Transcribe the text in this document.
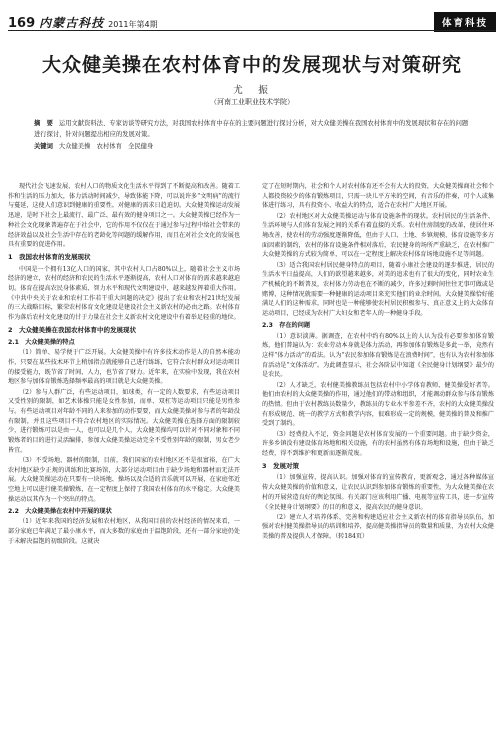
169 内蒙古科技 2011年第4期	体育科技
大众健美操在农村体育中的发展现状与对策研究
尤　振
（河南工业职业技术学院）
摘　要 运用文献资料法、专家访谈等研究方法，对我国农村体育中存在的主要问题进行探讨分析，对大众健美操在我国农村体育中的发展现状和存在的问题进行探讨，针对问题提出相应的发展对策。
关键词 大众健美操　农村体育　全民健身

现代社会飞速发展，农村人口的物质文化生活水平得到了不断提高和改善。随着工作和生活的压力加大，体力活动时间减少，导致体能下降，可以说许多“文明病”的流行与蔓延，这使人们意识到健康的重要性。对健康的需求日趋迫切。大众健美操运动发展迅速，是时下社会上最流行、最广泛、最有效的健身项目之一。大众健美操已经作为一种社会文化现象普遍存在于社会中，它的作用不仅仅在于通过参与过程中给社会带来的经济效益以及社会生活中存在的老龄化等问题的缓解作用，而且在对社会文化的发展也具有重要的促进作用。

1　我国农村体育的发展现状

中国是一个拥有13亿人口的国家，其中农村人口占80%以上，随着社会主义市场经济的建立，农村的经济和农民的生活水平逐渐提高，农村人口对体育的需求越来越迫切。体育在提高农民身体素质、智力水平和现代文明建设中，越来越发挥着重大作用。《中共中央关于农业和农村工作若干重大问题的决定》提出了农业和农村21世纪发展的三大战略目标，繁荣农村体育文化建设是建设社会主义新农村的必由之路。农村体育作为落后农村文化建设的甘于力量在社会主义新农村文化建设中有着举足轻重的地位。

2　大众健美操在我国农村体育中的发展现状
2.1　大众健美操的特点

（1）简单、易学便于广泛开展。大众健美操中有许多技术动作是人的自然本能动作，只要在某些技术环节上稍加指点就能够自己进行练练，它符合农村群众对运动项目的接受能力，既节省了时间、人力，也节省了财力。近年来，在实验中发现，我在农村地区参与加体育锻炼选择频率最高的项目就是大众健美操。

（2）参与人群广泛，有些运动项目，如球类，有一定的人数要求，有些运动项目又受性别的限制，如艺术体操只能是女性参加，而单、双杠等运动项目只能是男性参与。有些运动项目对年龄不同的人来参加的动作要要，而大众健美操对参与者的年龄没有限制，并且这些项目不符合农村地区的实际情况。大众健美操在选择方面的限制较少，进行锻炼可以是由一人，也可以是几个人，大众健美操均可以针对不同对象和不同锻炼者的目的进行灵活编排，参加大众健美操运动完全不受性别年龄的限制，男女老少皆宜。

（3）不受场地、器材的限制，目前，我们国家的农村地区还不是很富裕，在广大农村地区缺少正规的训练和比赛场馆，大部分运动项目由于缺少场地和器材而无法开展。大众健美操运动在只要有一块场地、操场以及合适的音乐就可以开展，在家庭邻近空地上可以进行健美操锻炼，在一定程度上保持了我国农村体育的水平稳定。大众健美操运动以其作为一个突出的特点。

2.2　大众健美操在农村中开展的现状

（1）近年来我国的经济发展和农村地区，从我国目前的农村经济的情况来看，一部分家庭已年满足了最小康水平，而大多数的家庭由于温饱阶段，还有一部分家庭仍处于未解决温饱的初级阶段。这就决

定了在短时期内，社会和个人对农村体育还不会有大大的投资，大众健美操商社会和个人都投资较少的体育锻炼项目，只需一块儿平方米的空间，有音乐的伴奏，可个人或集体进行练习，具有投资小、收益大的特点，适合在农村广大地区开展。

（2）农村地区对大众健美操运动与体育设施条件的现状。农村居民的生活条件、生活环境与人们体育发展之间的关系有着直接的关系。农村住房制度的改革，使居住环境改善，使农村的劳动强度逐渐降低，但由于人口、土地、乡镇规模、体育设施等多方面因素的制约，农村的体育设施条件相对落后，农民健身的场所严重缺乏，在农村推广大众健美操的方式较为简单，可以在一定程度上解决农村体育场地设施不足等问题。

（3）适合我国农村居民健身特点的项目，随着小康社会建设的逐步推进，居民的生活水平日益提高，人们的欲望越来越多，对美的追求也有了很大的变化，同时农业生产机械化的不断普及，农村体力劳动也在不断的减少，许多过剩时间往往无事可做或是赌博，这种情况就需要一种健康的运动项目来充实他们的业余时间。大众健美操恰好能满足人们的这种需求，同时也是一种能够使农村居民积极参与、真正意义上的大众体育运动项目，已经成为农村广大妇女和老年人的一种健身手段。

2.3　存在的问题

（1）意识淡薄。据调查，在农村中约有80%以上的人认为没有必要参加体育锻炼，他们普遍认为：农业劳动本身就是体力活动，再参加体育锻炼是多此一举，竟然有这样“体力活动”的看法。认为“农民参加体育锻炼是在浪费时间”，也有认为农村参加体育活动是“文体活动”。为此调查显示，社会各阶层中知道《全民健身计划纲要》最少的是农民。

（2）人才缺乏。农村健美操教练员包括农村中小学体育教师、健美操爱好者等。他们由农村的大众健美操的作用，通过他们的带动和组织，才能调动群众参与体育锻炼的热情。但由于农村教练员数量少，教练员的专业水平参差不齐，农村的大众健美操没有形成规范、统一的教学方式和教学内容，很难形成一定的规模，健美操的普及和推广受到了制约。

（3）经费投入不足，资金问题是农村体育发展的一个重要问题。由于缺少资金，许多乡镇没有建设体育场地和相关设施，有的农村虽然有体育场地和设施，但由于缺乏经费，得不到维护和更新而逐渐荒废。

3　发展对策

（1）加强宣传，提高认识。加强对体育的宣传教育，更新观念，通过各种媒体宣传大众健美操的价值和意义，让农民认识到参加体育锻炼的重要性，为大众健美操在农村的开展营造良好的舆论氛围。有关部门应该利用广播、电视等宣传工具，进一步宣传《全民健身计划纲要》的目的和意义，提高农民的健身意识。

（2）建立人才培养体系，完善和构建适应社会主义新农村的体育指导员队伍，加强对农村健美操指导员的培训和培养，提高健美操指导员的数量和质量，为农村大众健美操的普及提供人才保障。（转184页）
